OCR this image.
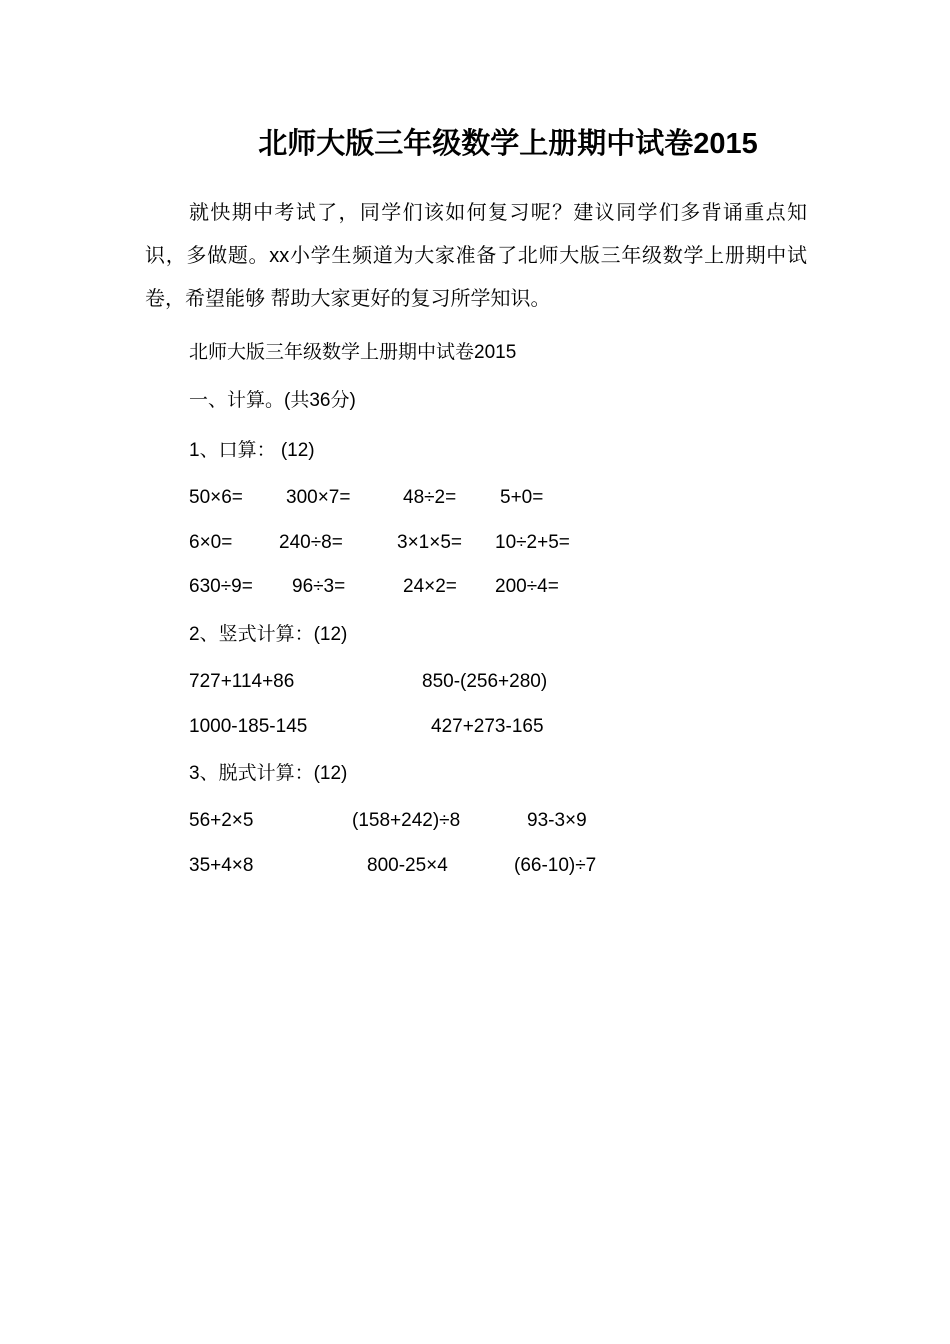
北师大版三年级数学上册期中试卷2015
就快期中考试了，同学们该如何复习呢？建议同学们多背诵重点知识，多做题。xx小学生频道为大家准备了北师大版三年级数学上册期中试卷，希望能够 帮助大家更好的复习所学知识。
北师大版三年级数学上册期中试卷2015
一、计算。(共36分)
1、口算： (12)
50×6= 300×7=	48÷2= 5+0=
6×0= 240÷8=	3×1×5= 10÷2+5=
630÷9= 96÷3=	24×2= 200÷4=
2、竖式计算：(12)
727+114+86	850-(256+280)
1000-185-145	427+273-165
3、脱式计算：(12)
56+2×5	(158+242)÷8	93-3×9
35+4×8	800-25×4	(66-10)÷7
